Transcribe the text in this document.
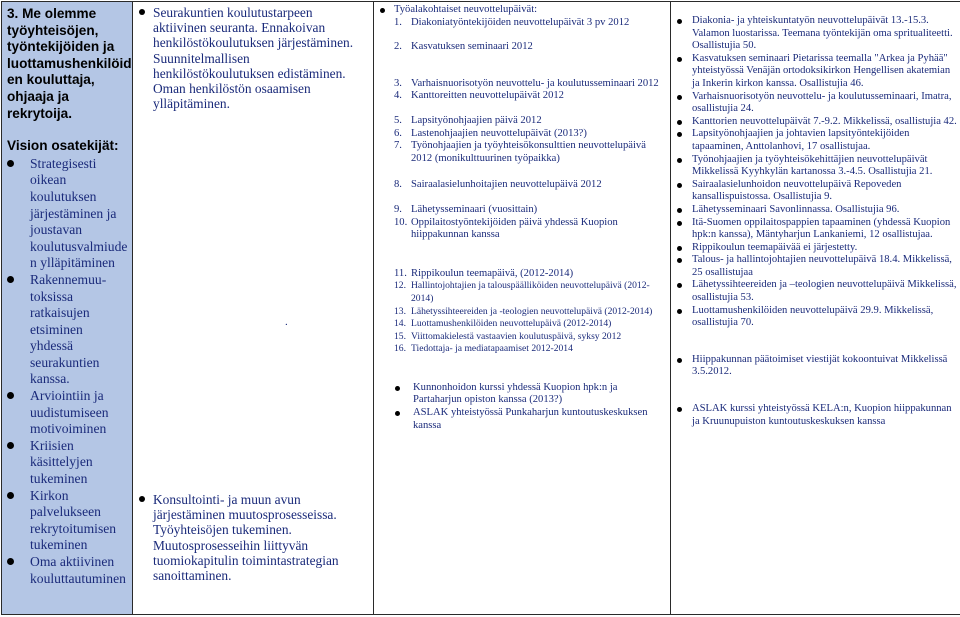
3. Me olemme työyhteisöjen, työntekijöiden ja luottamushenkilöid en kouluttaja, ohjaaja ja rekrytoija.
Vision osatekijät:
Strategisesti oikean koulutuksen järjestäminen ja joustavan koulutusvalmiude n ylläpitäminen
Rakennemuu-toksissa ratkaisujen etsiminen yhdessä seurakuntien kanssa.
Arviointiin ja uudistumiseen motivoiminen
Kriisien käsittelyjen tukeminen
Kirkon palvelukseen rekrytoitumisen tukeminen
Oma aktiivinen kouluttautuminen

Seurakuntien koulutustarpeen aktiivinen seuranta. Ennakoivan henkilöstökoulutuksen järjestäminen. Suunnitelmallisen henkilöstökoulutuksen edistäminen. Oman henkilöstön osaamisen ylläpitäminen.
.
Konsultointi- ja muun avun järjestäminen muutosprosesseissa. Työyhteisöjen tukeminen. Muutosprosesseihin liittyvän tuomiokapitulin toimintastrategian sanoittaminen.

Työalakohtaiset neuvottelupäivät:
1. Diakoniatyöntekijöiden neuvottelupäivät 3 pv 2012
2. Kasvatuksen seminaari 2012
3. Varhaisnuorisotyön neuvottelu- ja koulutusseminaari 2012
4. Kanttoreitten neuvottelupäivät 2012
5. Lapsityönohjaajien päivä 2012
6. Lastenohjaajien neuvottelupäivät (2013?)
7. Työnohjaajien ja työyhteisökonsulttien neuvottelupäivä 2012 (monikulttuurinen työpaikka)
8. Sairaalasielunhoitajien neuvottelupäivä 2012
9. Lähetysseminaari (vuosittain)
10. Oppilaitostyöntekijöiden päivä yhdessä Kuopion hiippakunnan kanssa
11. Rippikoulun teemapäivä, (2012-2014)
12. Hallintojohtajien ja talouspäälliköiden neuvottelupäivä (2012-2014)
13. Lähetyssihteereiden ja -teologien neuvottelupäivä (2012-2014)
14. Luottamushenkilöiden neuvottelupäivä (2012-2014)
15. Viittomakielestä vastaavien koulutuspäivä, syksy 2012
16. Tiedottaja- ja mediatapaamiset 2012-2014
Kunnonhoidon kurssi yhdessä Kuopion hpk:n ja Partaharjun opiston kanssa (2013?)
ASLAK yhteistyössä Punkaharjun kuntoutuskeskuksen kanssa

Diakonia- ja yhteiskuntatyön neuvottelupäivät 13.-15.3. Valamon luostarissa. Teemana työntekijän oma spritualiteetti. Osallistujia 50.
Kasvatuksen seminaari Pietarissa teemalla "Arkea ja Pyhää" yhteistyössä Venäjän ortodoksikirkon Hengellisen akatemian ja Inkerin kirkon kanssa. Osallistujia 46.
Varhaisnuorisotyön neuvottelu- ja koulutusseminaari, Imatra, osallistujia 24.
Kanttorien neuvottelupäivät 7.-9.2. Mikkelissä, osallistujia 42.
Lapsityönohjaajien ja johtavien lapsityöntekijöiden tapaaminen, Anttolanhovi, 17 osallistujaa.
Työnohjaajien ja työyhteisökehittäjien neuvottelupäivät Mikkelissä Kyyhkylän kartanossa 3.-4.5. Osallistujia 21.
Sairaalasielunhoidon neuvottelupäivä Repoveden kansallispuistossa. Osallistujia 9.
Lähetysseminaari Savonlinnassa. Osallistujia 96.
Itä-Suomen oppilaitospappien tapaaminen (yhdessä Kuopion hpk:n kanssa), Mäntyharjun Lankaniemi, 12 osallistujaa.
Rippikoulun teemapäivää ei järjestetty.
Talous- ja hallintojohtajien neuvottelupäivä 18.4. Mikkelissä, 25 osallistujaa
Lähetyssihteereiden ja –teologien neuvottelupäivä Mikkelissä, osallistujia 53.
Luottamushenkilöiden neuvottelupäivä 29.9. Mikkelissä, osallistujia 70.
Hiippakunnan päätoimiset viestijät kokoontuivat Mikkelissä 3.5.2012.
ASLAK kurssi yhteistyössä KELA:n, Kuopion hiippakunnan ja Kruunupuiston kuntoutuskeskuksen kanssa
